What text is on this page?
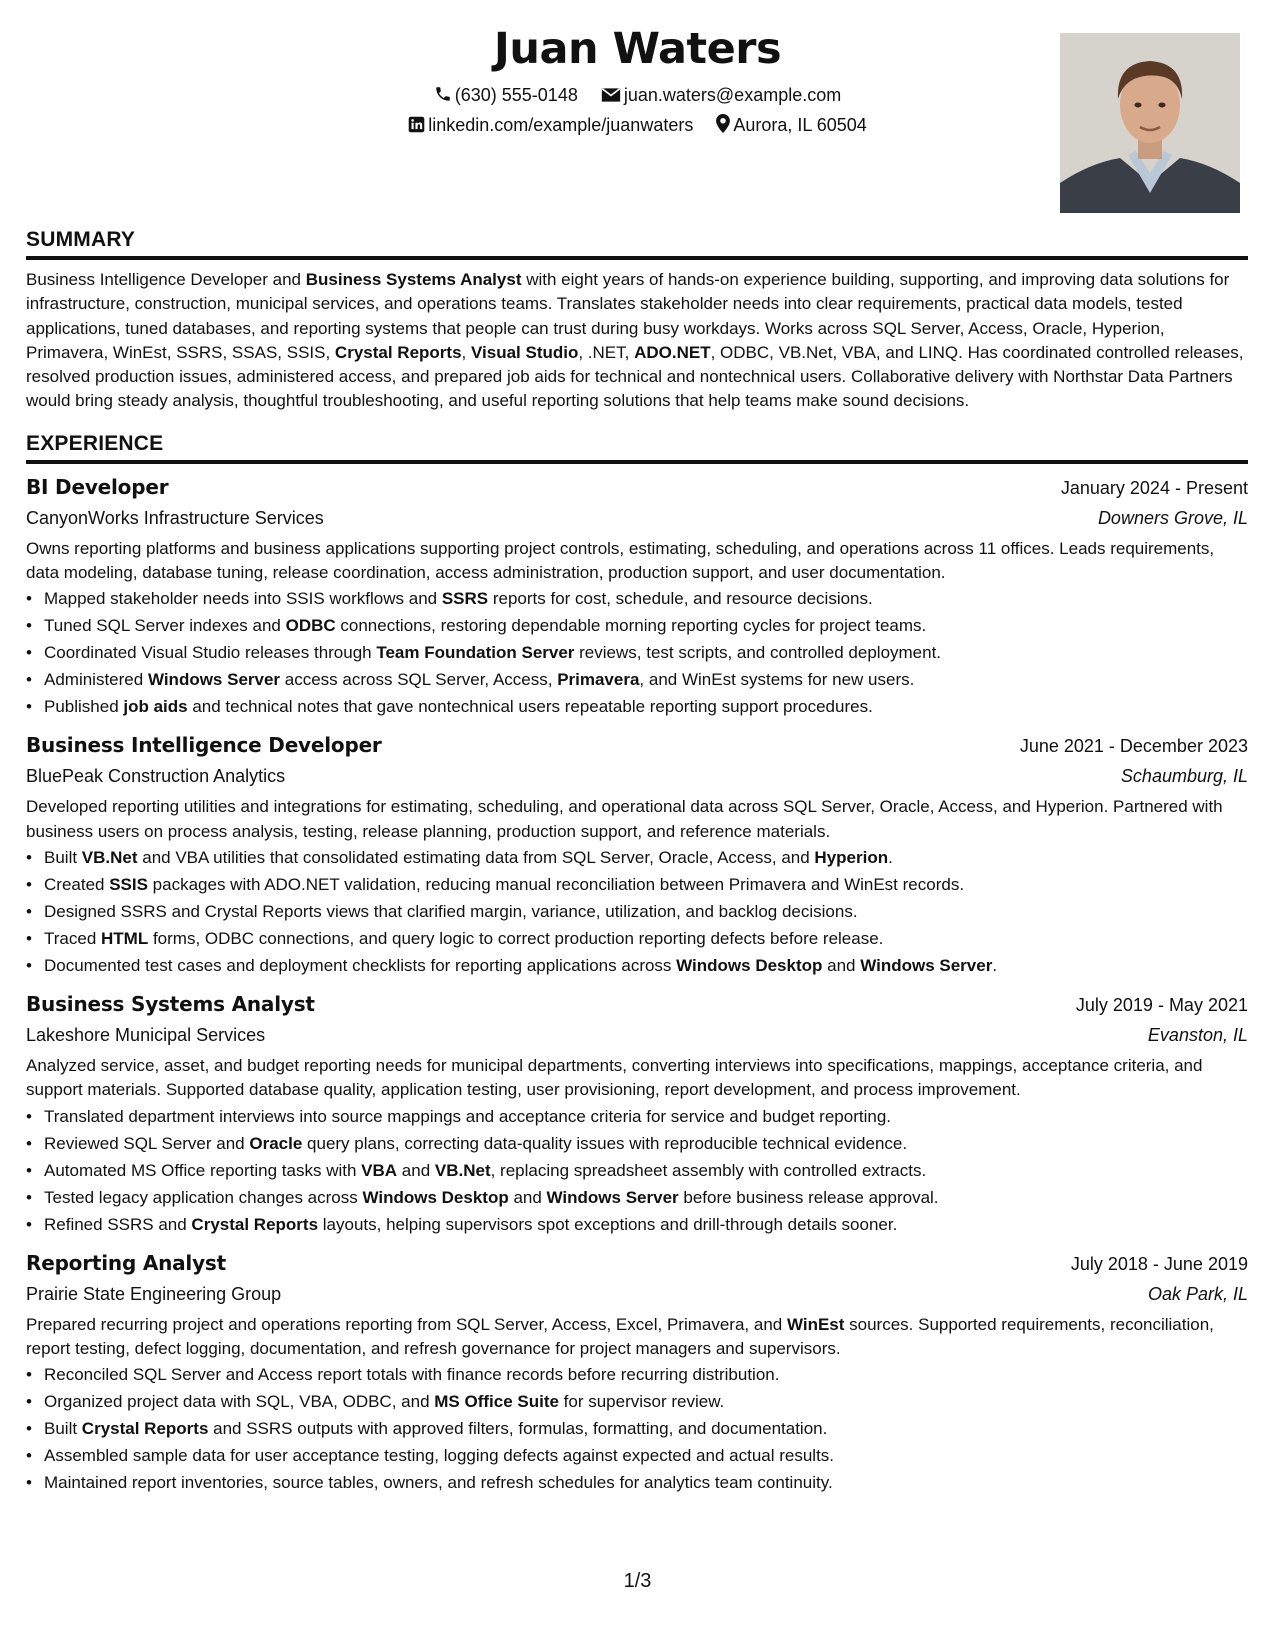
Juan Waters
(630) 555-0148	juan.waters@example.com
linkedin.com/example/juanwaters Aurora, IL 60504
SUMMARY

Business Intelligence Developer and Business Systems Analyst with eight years of hands-on experience building, supporting, and improving data solutions for infrastructure, construction, municipal services, and operations teams. Translates stakeholder needs into clear requirements, practical data models, tested applications, tuned databases, and reporting systems that people can trust during busy workdays. Works across SQL Server, Access, Oracle, Hyperion, Primavera, WinEst, SSRS, SSAS, SSIS, Crystal Reports, Visual Studio, .NET, ADO.NET, ODBC, VB.Net, VBA, and LINQ. Has coordinated controlled releases, resolved production issues, administered access, and prepared job aids for technical and nontechnical users. Collaborative delivery with Northstar Data Partners would bring steady analysis, thoughtful troubleshooting, and useful reporting solutions that help teams make sound decisions.

EXPERIENCE
BI Developer	January 2024 - Present
CanyonWorks Infrastructure Services	Downers Grove, IL
Owns reporting platforms and business applications supporting project controls, estimating, scheduling, and operations across 11 offices. Leads requirements, data modeling, database tuning, release coordination, access administration, production support, and user documentation.
• Mapped stakeholder needs into SSIS workflows and SSRS reports for cost, schedule, and resource decisions.
• Tuned SQL Server indexes and ODBC connections, restoring dependable morning reporting cycles for project teams.
• Coordinated Visual Studio releases through Team Foundation Server reviews, test scripts, and controlled deployment.
• Administered Windows Server access across SQL Server, Access, Primavera, and WinEst systems for new users.
• Published job aids and technical notes that gave nontechnical users repeatable reporting support procedures.
Business Intelligence Developer	June 2021 - December 2023
BluePeak Construction Analytics	Schaumburg, IL
Developed reporting utilities and integrations for estimating, scheduling, and operational data across SQL Server, Oracle, Access, and Hyperion. Partnered with business users on process analysis, testing, release planning, production support, and reference materials.
• Built VB.Net and VBA utilities that consolidated estimating data from SQL Server, Oracle, Access, and Hyperion.
• Created SSIS packages with ADO.NET validation, reducing manual reconciliation between Primavera and WinEst records.
• Designed SSRS and Crystal Reports views that clarified margin, variance, utilization, and backlog decisions.
• Traced HTML forms, ODBC connections, and query logic to correct production reporting defects before release.
• Documented test cases and deployment checklists for reporting applications across Windows Desktop and Windows Server.
Business Systems Analyst	July 2019 - May 2021
Lakeshore Municipal Services	Evanston, IL
Analyzed service, asset, and budget reporting needs for municipal departments, converting interviews into specifications, mappings, acceptance criteria, and support materials. Supported database quality, application testing, user provisioning, report development, and process improvement.
• Translated department interviews into source mappings and acceptance criteria for service and budget reporting.
• Reviewed SQL Server and Oracle query plans, correcting data-quality issues with reproducible technical evidence.
• Automated MS Office reporting tasks with VBA and VB.Net, replacing spreadsheet assembly with controlled extracts.
• Tested legacy application changes across Windows Desktop and Windows Server before business release approval.
• Refined SSRS and Crystal Reports layouts, helping supervisors spot exceptions and drill-through details sooner.
Reporting Analyst	July 2018 - June 2019
Prairie State Engineering Group	Oak Park, IL
Prepared recurring project and operations reporting from SQL Server, Access, Excel, Primavera, and WinEst sources. Supported requirements, reconciliation, report testing, defect logging, documentation, and refresh governance for project managers and supervisors.
• Reconciled SQL Server and Access report totals with finance records before recurring distribution.
• Organized project data with SQL, VBA, ODBC, and MS Office Suite for supervisor review.
• Built Crystal Reports and SSRS outputs with approved filters, formulas, formatting, and documentation.
• Assembled sample data for user acceptance testing, logging defects against expected and actual results.
• Maintained report inventories, source tables, owners, and refresh schedules for analytics team continuity.
1/3
